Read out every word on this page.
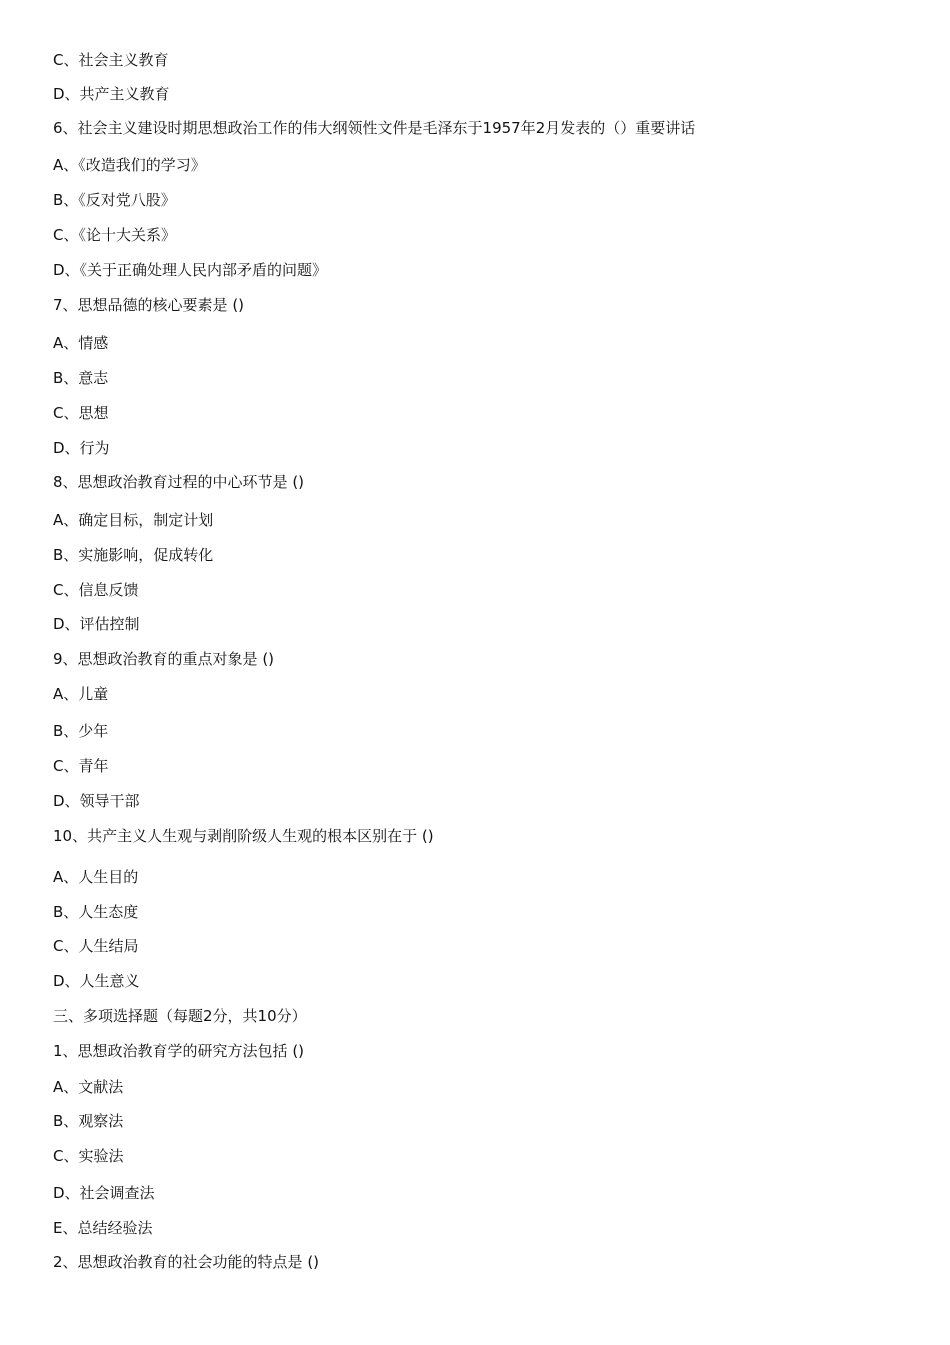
C、社会主义教育
D、共产主义教育
6、社会主义建设时期思想政治工作的伟大纲领性文件是毛泽东于1957年2月发表的（）重要讲话
A、《改造我们的学习》
B、《反对党八股》
C、《论十大关系》
D、《关于正确处理人民内部矛盾的问题》
7、思想品德的核心要素是 ()
A、情感
B、意志
C、思想
D、行为
8、思想政治教育过程的中心环节是 ()
A、确定目标，制定计划
B、实施影响，促成转化
C、信息反馈
D、评估控制
9、思想政治教育的重点对象是 ()
A、儿童
B、少年
C、青年
D、领导干部
10、共产主义人生观与剥削阶级人生观的根本区别在于 ()
A、人生目的
B、人生态度
C、人生结局
D、人生意义
三、多项选择题（每题2分，共10分）
1、思想政治教育学的研究方法包括 ()
A、文献法
B、观察法
C、实验法
D、社会调查法
E、总结经验法
2、思想政治教育的社会功能的特点是 ()
